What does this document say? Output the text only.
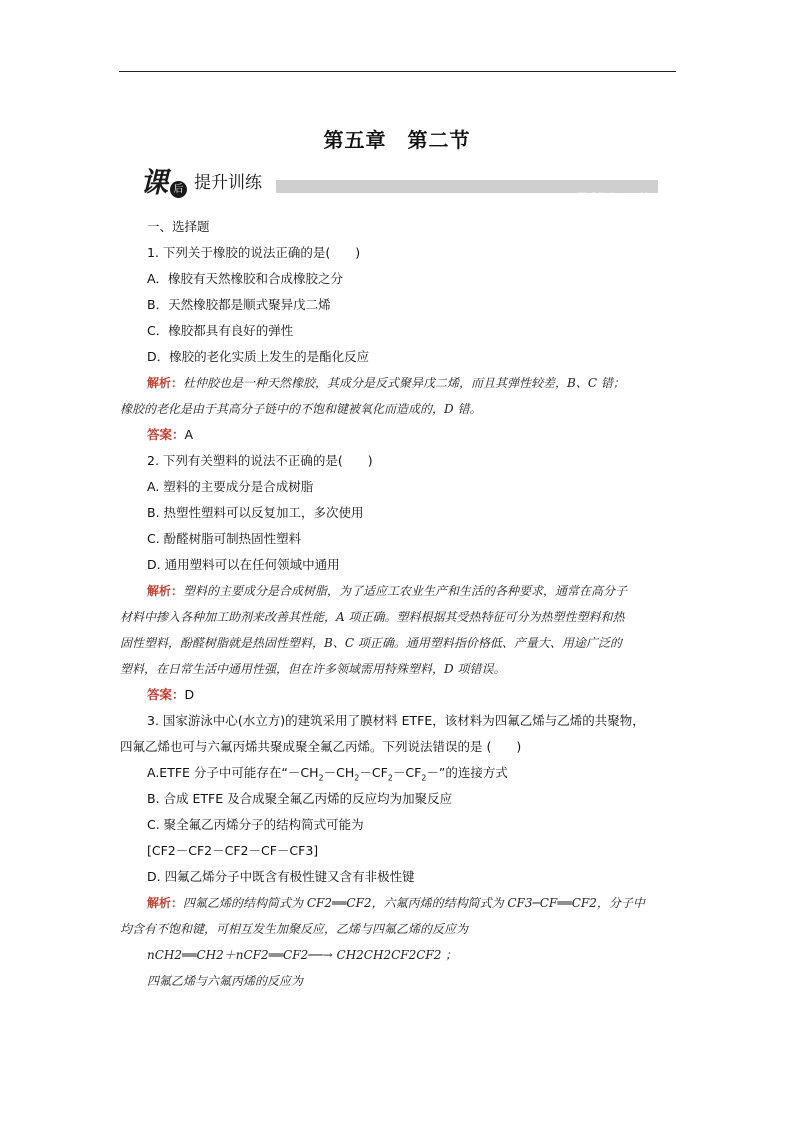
第五章　第二节
课后作业·日日清
课 后 提升训练
一、选择题
1. 下列关于橡胶的说法正确的是(　　)
A．橡胶有天然橡胶和合成橡胶之分
B．天然橡胶都是顺式聚异戊二烯
C．橡胶都具有良好的弹性
D．橡胶的老化实质上发生的是酯化反应
解析：杜仲胶也是一种天然橡胶，其成分是反式聚异戊二烯，而且其弹性较差，B、C 错；
橡胶的老化是由于其高分子链中的不饱和键被氧化而造成的，D 错。
答案：A
2. 下列有关塑料的说法不正确的是(　　)
A. 塑料的主要成分是合成树脂
B. 热塑性塑料可以反复加工，多次使用
C. 酚醛树脂可制热固性塑料
D. 通用塑料可以在任何领域中通用
解析：塑料的主要成分是合成树脂，为了适应工农业生产和生活的各种要求，通常在高分子
材料中掺入各种加工助剂来改善其性能，A 项正确。塑料根据其受热特征可分为热塑性塑料和热
固性塑料，酚醛树脂就是热固性塑料，B、C 项正确。通用塑料指价格低、产量大、用途广泛的
塑料，在日常生活中通用性强，但在许多领域需用特殊塑料，D 项错误。
答案：D
3. 国家游泳中心(水立方)的建筑采用了膜材料 ETFE，该材料为四氟乙烯与乙烯的共聚物，
四氟乙烯也可与六氟丙烯共聚成聚全氟乙丙烯。下列说法错误的是 (　　)
A.ETFE 分子中可能存在“$-CH_2-CH_2-CF_2-CF_2-$”的连接方式
B. 合成 ETFE 及合成聚全氟乙丙烯的反应均为加聚反应
C. 聚全氟乙丙烯分子的结构简式可能为
[CF2－CF2－CF2－CF－CF3]
D. 四氟乙烯分子中既含有极性键又含有非极性键
解析：四氟乙烯的结构简式为 CF2══CF2，六氟丙烯的结构简式为 CF3─CF══CF2，分子中
均含有不饱和键，可相互发生加聚反应，乙烯与四氟乙烯的反应为
nCH2══CH2＋nCF2══CF2──→ CH2CH2CF2CF2 ；
四氟乙烯与六氟丙烯的反应为
